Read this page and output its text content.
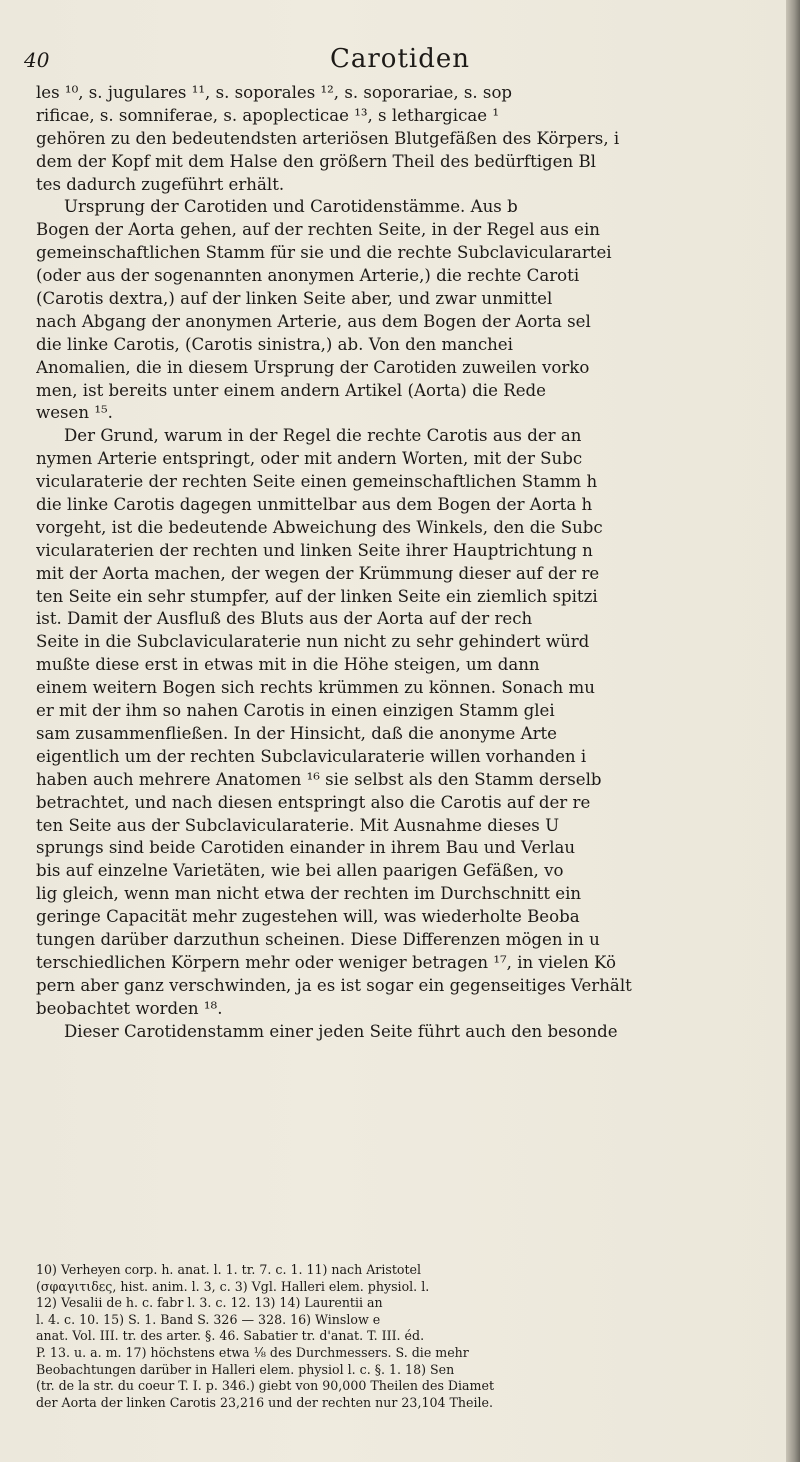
40	Carotiden
les ¹⁰, s. jugulares ¹¹, s. soporales ¹², s. soporariae, s. sop
rificae, s. somniferae, s. apoplecticae ¹³, s lethargicae ¹
gehören zu den bedeutendsten arteriösen Blutgefäßen des Körpers, i
dem der Kopf mit dem Halse den größern Theil des bedürftigen Bl
tes dadurch zugeführt erhält.
Ursprung der Carotiden und Carotidenstämme. Aus b
Bogen der Aorta gehen, auf der rechten Seite, in der Regel aus ein
gemeinschaftlichen Stamm für sie und die rechte Subclavicularartei
(oder aus der sogenannten anonymen Arterie,) die rechte Caroti
(Carotis dextra,) auf der linken Seite aber, und zwar unmittel
nach Abgang der anonymen Arterie, aus dem Bogen der Aorta sel
die linke Carotis, (Carotis sinistra,) ab. Von den manchei
Anomalien, die in diesem Ursprung der Carotiden zuweilen vorko
men, ist bereits unter einem andern Artikel (Aorta) die Rede
wesen ¹⁵.
Der Grund, warum in der Regel die rechte Carotis aus der an
nymen Arterie entspringt, oder mit andern Worten, mit der Subc
vicularaterie der rechten Seite einen gemeinschaftlichen Stamm h
die linke Carotis dagegen unmittelbar aus dem Bogen der Aorta h
vorgeht, ist die bedeutende Abweichung des Winkels, den die Subc
vicularaterien der rechten und linken Seite ihrer Hauptrichtung n
mit der Aorta machen, der wegen der Krümmung dieser auf der re
ten Seite ein sehr stumpfer, auf der linken Seite ein ziemlich spitzi
ist. Damit der Ausfluß des Bluts aus der Aorta auf der rech
Seite in die Subclavicularaterie nun nicht zu sehr gehindert würd
mußte diese erst in etwas mit in die Höhe steigen, um dann
einem weitern Bogen sich rechts krümmen zu können. Sonach mu
er mit der ihm so nahen Carotis in einen einzigen Stamm glei
sam zusammenfließen. In der Hinsicht, daß die anonyme Arte
eigentlich um der rechten Subclavicularaterie willen vorhanden i
haben auch mehrere Anatomen ¹⁶ sie selbst als den Stamm derselb
betrachtet, und nach diesen entspringt also die Carotis auf der re
ten Seite aus der Subclavicularaterie. Mit Ausnahme dieses U
sprungs sind beide Carotiden einander in ihrem Bau und Verlau
bis auf einzelne Varietäten, wie bei allen paarigen Gefäßen, vo
lig gleich, wenn man nicht etwa der rechten im Durchschnitt ein
geringe Capacität mehr zugestehen will, was wiederholte Beoba
tungen darüber darzuthun scheinen. Diese Differenzen mögen in u
terschiedlichen Körpern mehr oder weniger betragen ¹⁷, in vielen Kö
pern aber ganz verschwinden, ja es ist sogar ein gegenseitiges Verhält
beobachtet worden ¹⁸.
Dieser Carotidenstamm einer jeden Seite führt auch den besonde
10) Verheyen corp. h. anat. l. 1. tr. 7. c. 1. 11) nach Aristotel
(σφαγιτιδες, hist. anim. l. 3, c. 3) Vgl. Halleri elem. physiol. l.
12) Vesalii de h. c. fabr l. 3. c. 12. 13) 14) Laurentii an
l. 4. c. 10. 15) S. 1. Band S. 326 — 328. 16) Winslow e
anat. Vol. III. tr. des arter. §. 46. Sabatier tr. d'anat. T. III. éd.
P. 13. u. a. m. 17) höchstens etwa ⅛ des Durchmessers. S. die mehr
Beobachtungen darüber in Halleri elem. physiol l. c. §. 1. 18) Sen
(tr. de la str. du coeur T. I. p. 346.) giebt von 90,000 Theilen des Diamet
der Aorta der linken Carotis 23,216 und der rechten nur 23,104 Theile.
